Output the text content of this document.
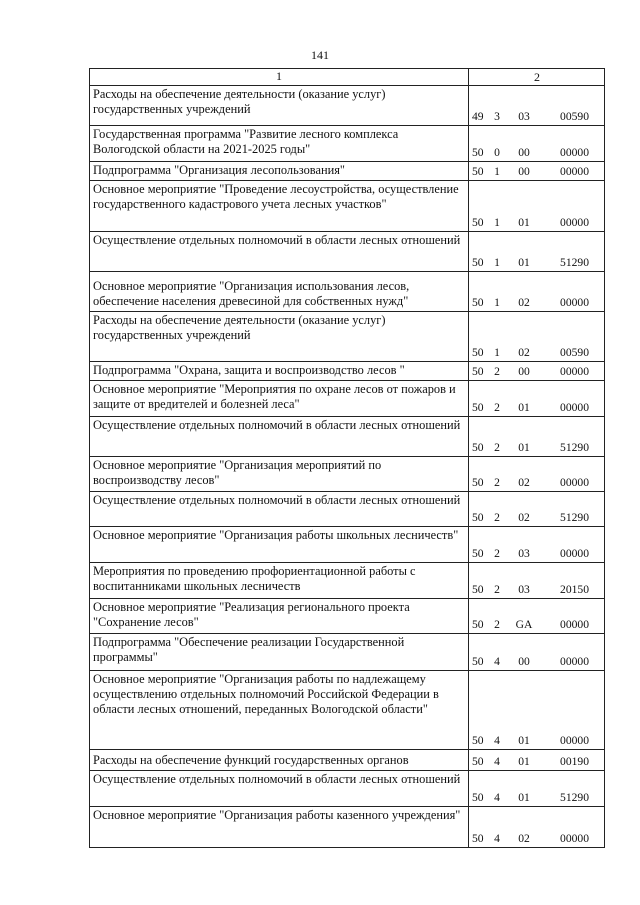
141
1	2
Расходы на обеспечение деятельности (оказание услуг) государственных учреждений	49 3 03 00590
Государственная программа "Развитие лесного комплекса Вологодской области на 2021-2025 годы"	50 0 00 00000
Подпрограмма "Организация лесопользования"	50 1 00 00000
Основное мероприятие "Проведение лесоустройства, осуществление государственного кадастрового учета лесных участков"	50 1 01 00000
Осуществление отдельных полномочий в области лесных отношений	50 1 01 51290
Основное мероприятие "Организация использования лесов, обеспечение населения древесиной для собственных нужд"	50 1 02 00000
Расходы на обеспечение деятельности (оказание услуг) государственных учреждений	50 1 02 00590
Подпрограмма "Охрана, защита и воспроизводство лесов "	50 2 00 00000
Основное мероприятие "Мероприятия по охране лесов от пожаров и защите от вредителей и болезней леса"	50 2 01 00000
Осуществление отдельных полномочий в области лесных отношений	50 2 01 51290
Основное мероприятие "Организация мероприятий по воспроизводству лесов"	50 2 02 00000
Осуществление отдельных полномочий в области лесных отношений	50 2 02 51290
Основное мероприятие "Организация работы школьных лесничеств"	50 2 03 00000
Мероприятия по проведению профориентационной работы с воспитанниками школьных лесничеств	50 2 03 20150
Основное мероприятие "Реализация регионального проекта "Сохранение лесов"	50 2 GA 00000
Подпрограмма "Обеспечение реализации Государственной программы"	50 4 00 00000
Основное мероприятие "Организация работы по надлежащему осуществлению отдельных полномочий Российской Федерации в области лесных отношений, переданных Вологодской области"	50 4 01 00000
Расходы на обеспечение функций государственных органов	50 4 01 00190
Осуществление отдельных полномочий в области лесных отношений	50 4 01 51290
Основное мероприятие "Организация работы казенного учреждения"	50 4 02 00000
